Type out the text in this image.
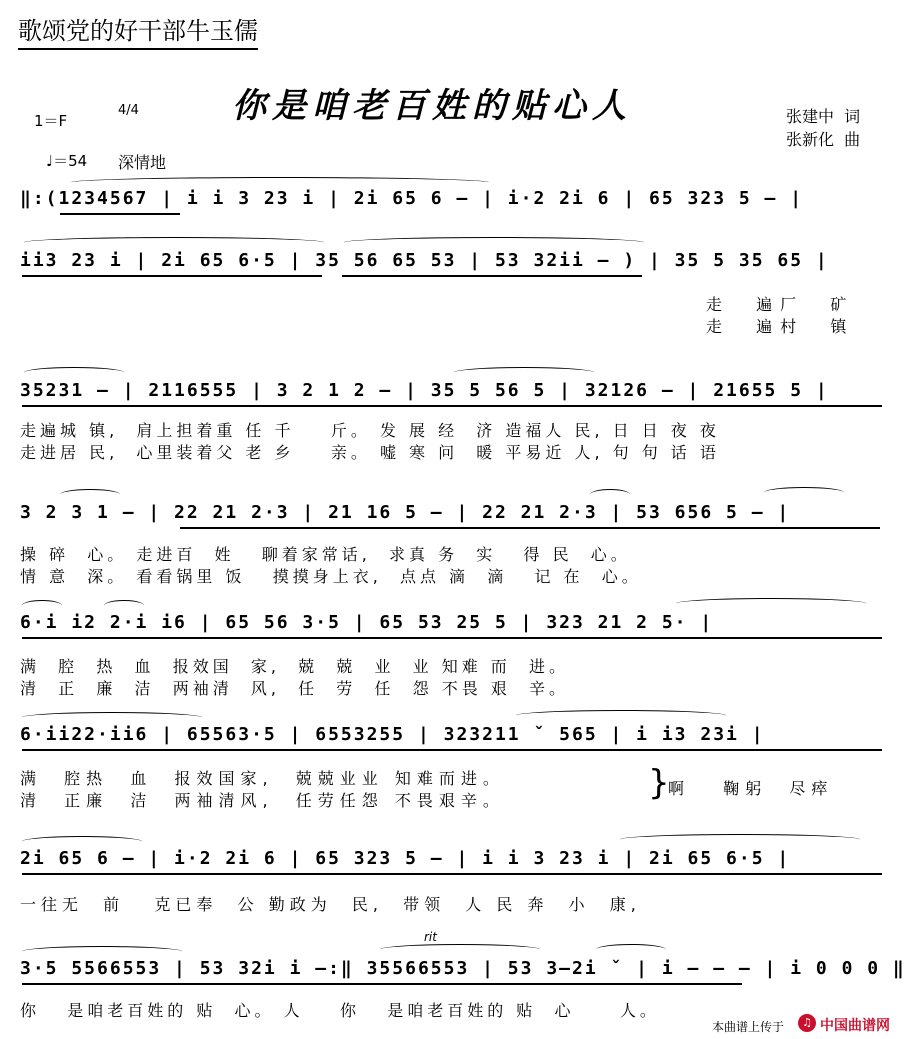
歌颂党的好干部牛玉儒
你是咱老百姓的贴心人	张建中  词
张新化  曲
1＝F
4/4
♩＝54 深情地
‖:(1234567 | i i 3 23 i | 2i 65 6 – | i·2 2i 6 | 65 323 5 – |
ii3 23 i | 2i 65 6·5 | 35 56 65 53 | 53 32ii – ) | 35 5 35 65 |
走  遍厂  矿
走  遍村  镇
35231 – | 2116555 | 3 2 1 2 – | 35 5 56 5 | 32126 – | 21655 5 |
走遍城 镇,  肩上担着重 任 千    斤。 发 展 经  济 造福人 民, 日 日 夜 夜
走进居 民,  心里装着父 老 乡    亲。 嘘 寒 问  暖 平易近 人, 句 句 话 语
3 2 3 1 – | 22 21 2·3 | 21 16 5 – | 22 21 2·3 | 53 656 5 – |
操 碎  心。 走进百  姓   聊着家常话,  求真 务  实   得 民  心。
情 意  深。 看看锅里 饭   摸摸身上衣,  点点 滴  滴   记 在  心。
6·i i2 2·i i6 | 65 56 3·5 | 65 53 25 5 | 323 21 2 5· |
满  腔  热  血  报效国  家,  兢  兢  业  业 知难 而  进。
清  正  廉  洁  两袖清  风,  任  劳  任  怨 不畏 艰  辛。
6·ii22·ii6 | 65563·5 | 6553255 | 323211 ˇ 565 | i i3 23i |
满  腔热  血  报效国家,  兢兢业业 知难而进。
清  正廉  洁  两袖清风,  任劳任怨 不畏艰辛。	}
啊   鞠躬  尽瘁
2i 65 6 – | i·2 2i 6 | 65 323 5 – | i i 3 23 i | 2i 65 6·5 |
一往无  前   克已奉  公 勤政为  民,  带领  人 民 奔  小  康,
rit
3·5 5566553 | 53 32i i –:‖ 35566553 | 53 3–2i ˇ | i – – – | i 0 0 0 ‖
你   是咱老百姓的 贴  心。 人    你   是咱老百姓的 贴  心     人。
本曲谱上传于	♫ 中国曲谱网
